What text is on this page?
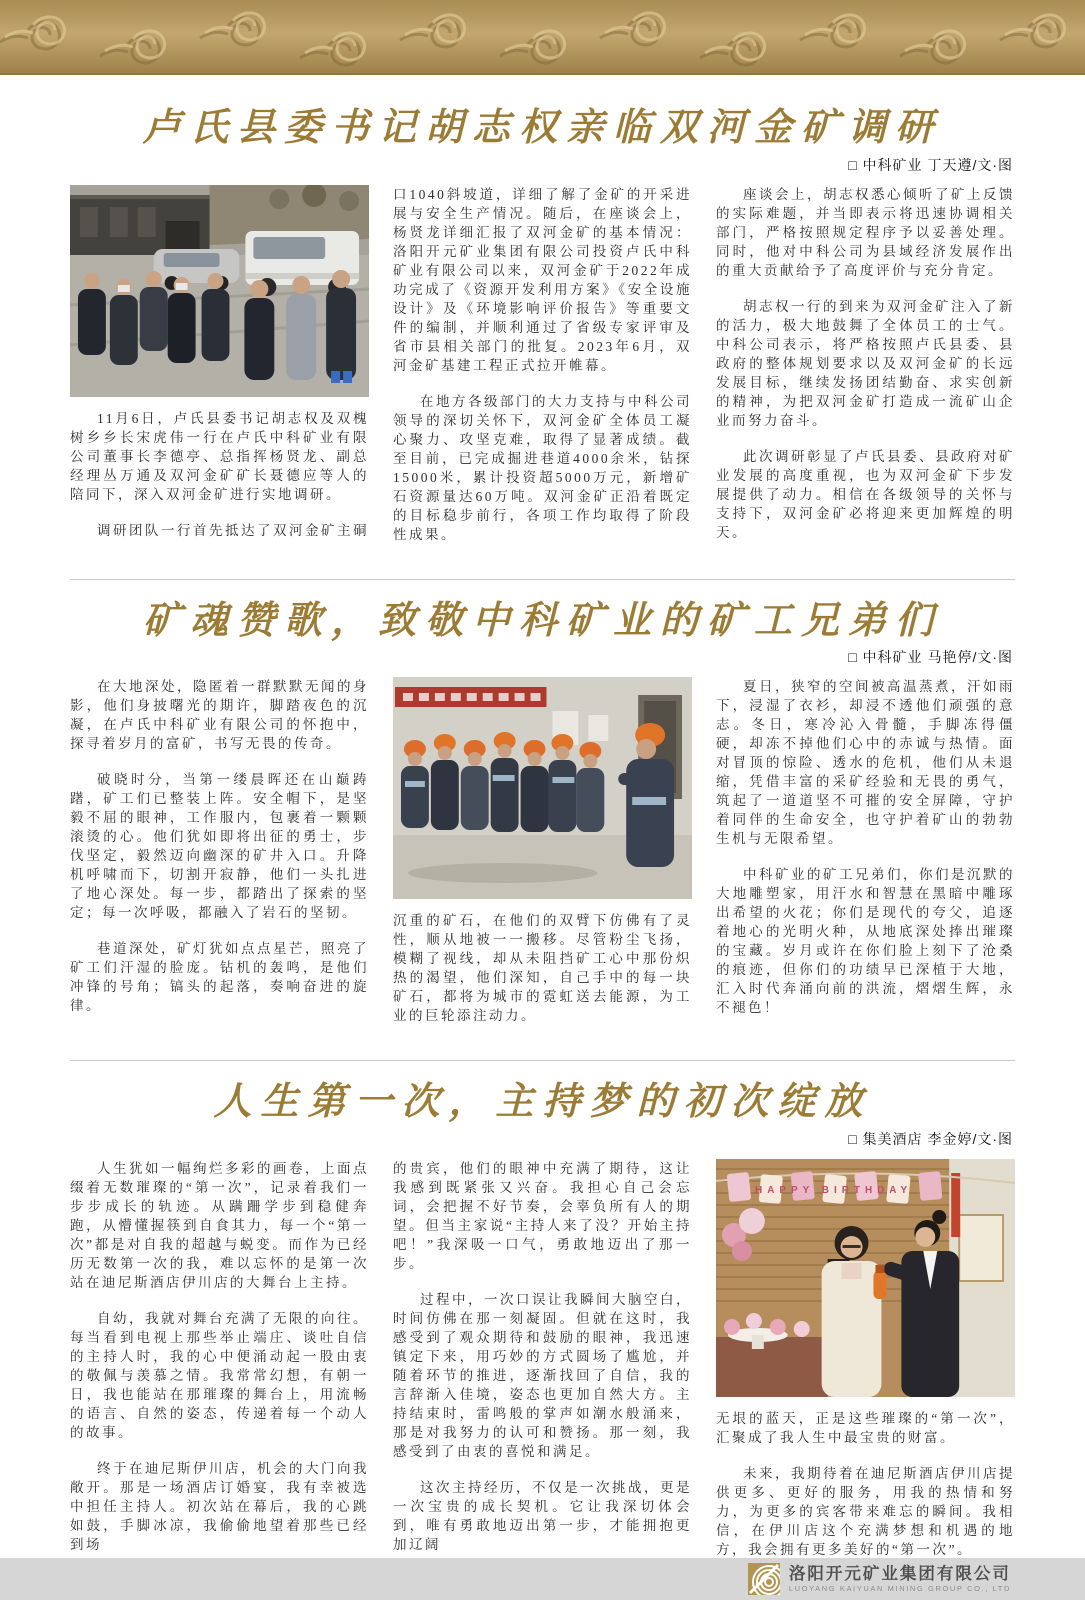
卢氏县委书记胡志权亲临双河金矿调研
□ 中科矿业 丁天遵/文·图

11月6日，卢氏县委书记胡志权及双槐树乡乡长宋虎伟一行在卢氏中科矿业有限公司董事长李德亭、总指挥杨贤龙、副总经理丛万通及双河金矿矿长聂德应等人的陪同下，深入双河金矿进行实地调研。

调研团队一行首先抵达了双河金矿主硐

口1040斜坡道，详细了解了金矿的开采进展与安全生产情况。随后，在座谈会上，杨贤龙详细汇报了双河金矿的基本情况：洛阳开元矿业集团有限公司投资卢氏中科矿业有限公司以来，双河金矿于2022年成功完成了《资源开发利用方案》《安全设施设计》及《环境影响评价报告》等重要文件的编制，并顺利通过了省级专家评审及省市县相关部门的批复。2023年6月，双河金矿基建工程正式拉开帷幕。

在地方各级部门的大力支持与中科公司领导的深切关怀下，双河金矿全体员工凝心聚力、攻坚克难，取得了显著成绩。截至目前，已完成掘进巷道4000余米，钻探15000米，累计投资超5000万元，新增矿石资源量达60万吨。双河金矿正沿着既定的目标稳步前行，各项工作均取得了阶段性成果。

座谈会上，胡志权悉心倾听了矿上反馈的实际难题，并当即表示将迅速协调相关部门，严格按照规定程序予以妥善处理。同时，他对中科公司为县域经济发展作出的重大贡献给予了高度评价与充分肯定。

胡志权一行的到来为双河金矿注入了新的活力，极大地鼓舞了全体员工的士气。中科公司表示，将严格按照卢氏县委、县政府的整体规划要求以及双河金矿的长远发展目标，继续发扬团结勤奋、求实创新的精神，为把双河金矿打造成一流矿山企业而努力奋斗。

此次调研彰显了卢氏县委、县政府对矿业发展的高度重视，也为双河金矿下步发展提供了动力。相信在各级领导的关怀与支持下，双河金矿必将迎来更加辉煌的明天。

矿魂赞歌，致敬中科矿业的矿工兄弟们
□ 中科矿业 马艳停/文·图

在大地深处，隐匿着一群默默无闻的身影，他们身披曙光的期许，脚踏夜色的沉凝，在卢氏中科矿业有限公司的怀抱中，探寻着岁月的富矿，书写无畏的传奇。

破晓时分，当第一缕晨晖还在山巅踌躇，矿工们已整装上阵。安全帽下，是坚毅不屈的眼神，工作服内，包裹着一颗颗滚烫的心。他们犹如即将出征的勇士，步伐坚定，毅然迈向幽深的矿井入口。升降机呼啸而下，切割开寂静，他们一头扎进了地心深处。每一步，都踏出了探索的坚定；每一次呼吸，都融入了岩石的坚韧。

巷道深处，矿灯犹如点点星芒，照亮了矿工们汗湿的脸庞。钻机的轰鸣，是他们冲锋的号角；镐头的起落，奏响奋进的旋律。

沉重的矿石，在他们的双臂下仿佛有了灵性，顺从地被一一搬移。尽管粉尘飞扬，模糊了视线，却从未阻挡矿工心中那份炽热的渴望，他们深知，自己手中的每一块矿石，都将为城市的霓虹送去能源，为工业的巨轮添注动力。

夏日，狭窄的空间被高温蒸煮，汗如雨下，浸湿了衣衫，却浸不透他们顽强的意志。冬日，寒冷沁入骨髓，手脚冻得僵硬，却冻不掉他们心中的赤诚与热情。面对冒顶的惊险、透水的危机，他们从未退缩，凭借丰富的采矿经验和无畏的勇气，筑起了一道道坚不可摧的安全屏障，守护着同伴的生命安全，也守护着矿山的勃勃生机与无限希望。

中科矿业的矿工兄弟们，你们是沉默的大地雕塑家，用汗水和智慧在黑暗中雕琢出希望的火花；你们是现代的夸父，追逐着地心的光明火种，从地底深处捧出璀璨的宝藏。岁月或许在你们脸上刻下了沧桑的痕迹，但你们的功绩早已深植于大地，汇入时代奔涌向前的洪流，熠熠生辉，永不褪色！

人生第一次，主持梦的初次绽放
□ 集美酒店 李金婷/文·图

人生犹如一幅绚烂多彩的画卷，上面点缀着无数璀璨的“第一次”，记录着我们一步步成长的轨迹。从蹒跚学步到稳健奔跑，从懵懂握筷到自食其力，每一个“第一次”都是对自我的超越与蜕变。而作为已经历无数第一次的我，难以忘怀的是第一次站在迪尼斯酒店伊川店的大舞台上主持。

自幼，我就对舞台充满了无限的向往。每当看到电视上那些举止端庄、谈吐自信的主持人时，我的心中便涌动起一股由衷的敬佩与羡慕之情。我常常幻想，有朝一日，我也能站在那璀璨的舞台上，用流畅的语言、自然的姿态，传递着每一个动人的故事。

终于在迪尼斯伊川店，机会的大门向我敞开。那是一场酒店订婚宴，我有幸被选中担任主持人。初次站在幕后，我的心跳如鼓，手脚冰凉，我偷偷地望着那些已经到场

的贵宾，他们的眼神中充满了期待，这让我感到既紧张又兴奋。我担心自己会忘词，会把握不好节奏，会辜负所有人的期望。但当主家说“主持人来了没？开始主持吧！”我深吸一口气，勇敢地迈出了那一步。

过程中，一次口误让我瞬间大脑空白，时间仿佛在那一刻凝固。但就在这时，我感受到了观众期待和鼓励的眼神，我迅速镇定下来，用巧妙的方式圆场了尴尬，并随着环节的推进，逐渐找回了自信，我的言辞渐入佳境，姿态也更加自然大方。主持结束时，雷鸣般的掌声如潮水般涌来，那是对我努力的认可和赞扬。那一刻，我感受到了由衷的喜悦和满足。

这次主持经历，不仅是一次挑战，更是一次宝贵的成长契机。它让我深切体会到，唯有勇敢地迈出第一步，才能拥抱更加辽阔

HAPPY BIRTHDAY

无垠的蓝天，正是这些璀璨的“第一次”，汇聚成了我人生中最宝贵的财富。

未来，我期待着在迪尼斯酒店伊川店提供更多、更好的服务，用我的热情和努力，为更多的宾客带来难忘的瞬间。我相信，在伊川店这个充满梦想和机遇的地方，我会拥有更多美好的“第一次”。

洛阳开元矿业集团有限公司
LUOYANG KAIYUAN MINING GROUP CO., LTD
